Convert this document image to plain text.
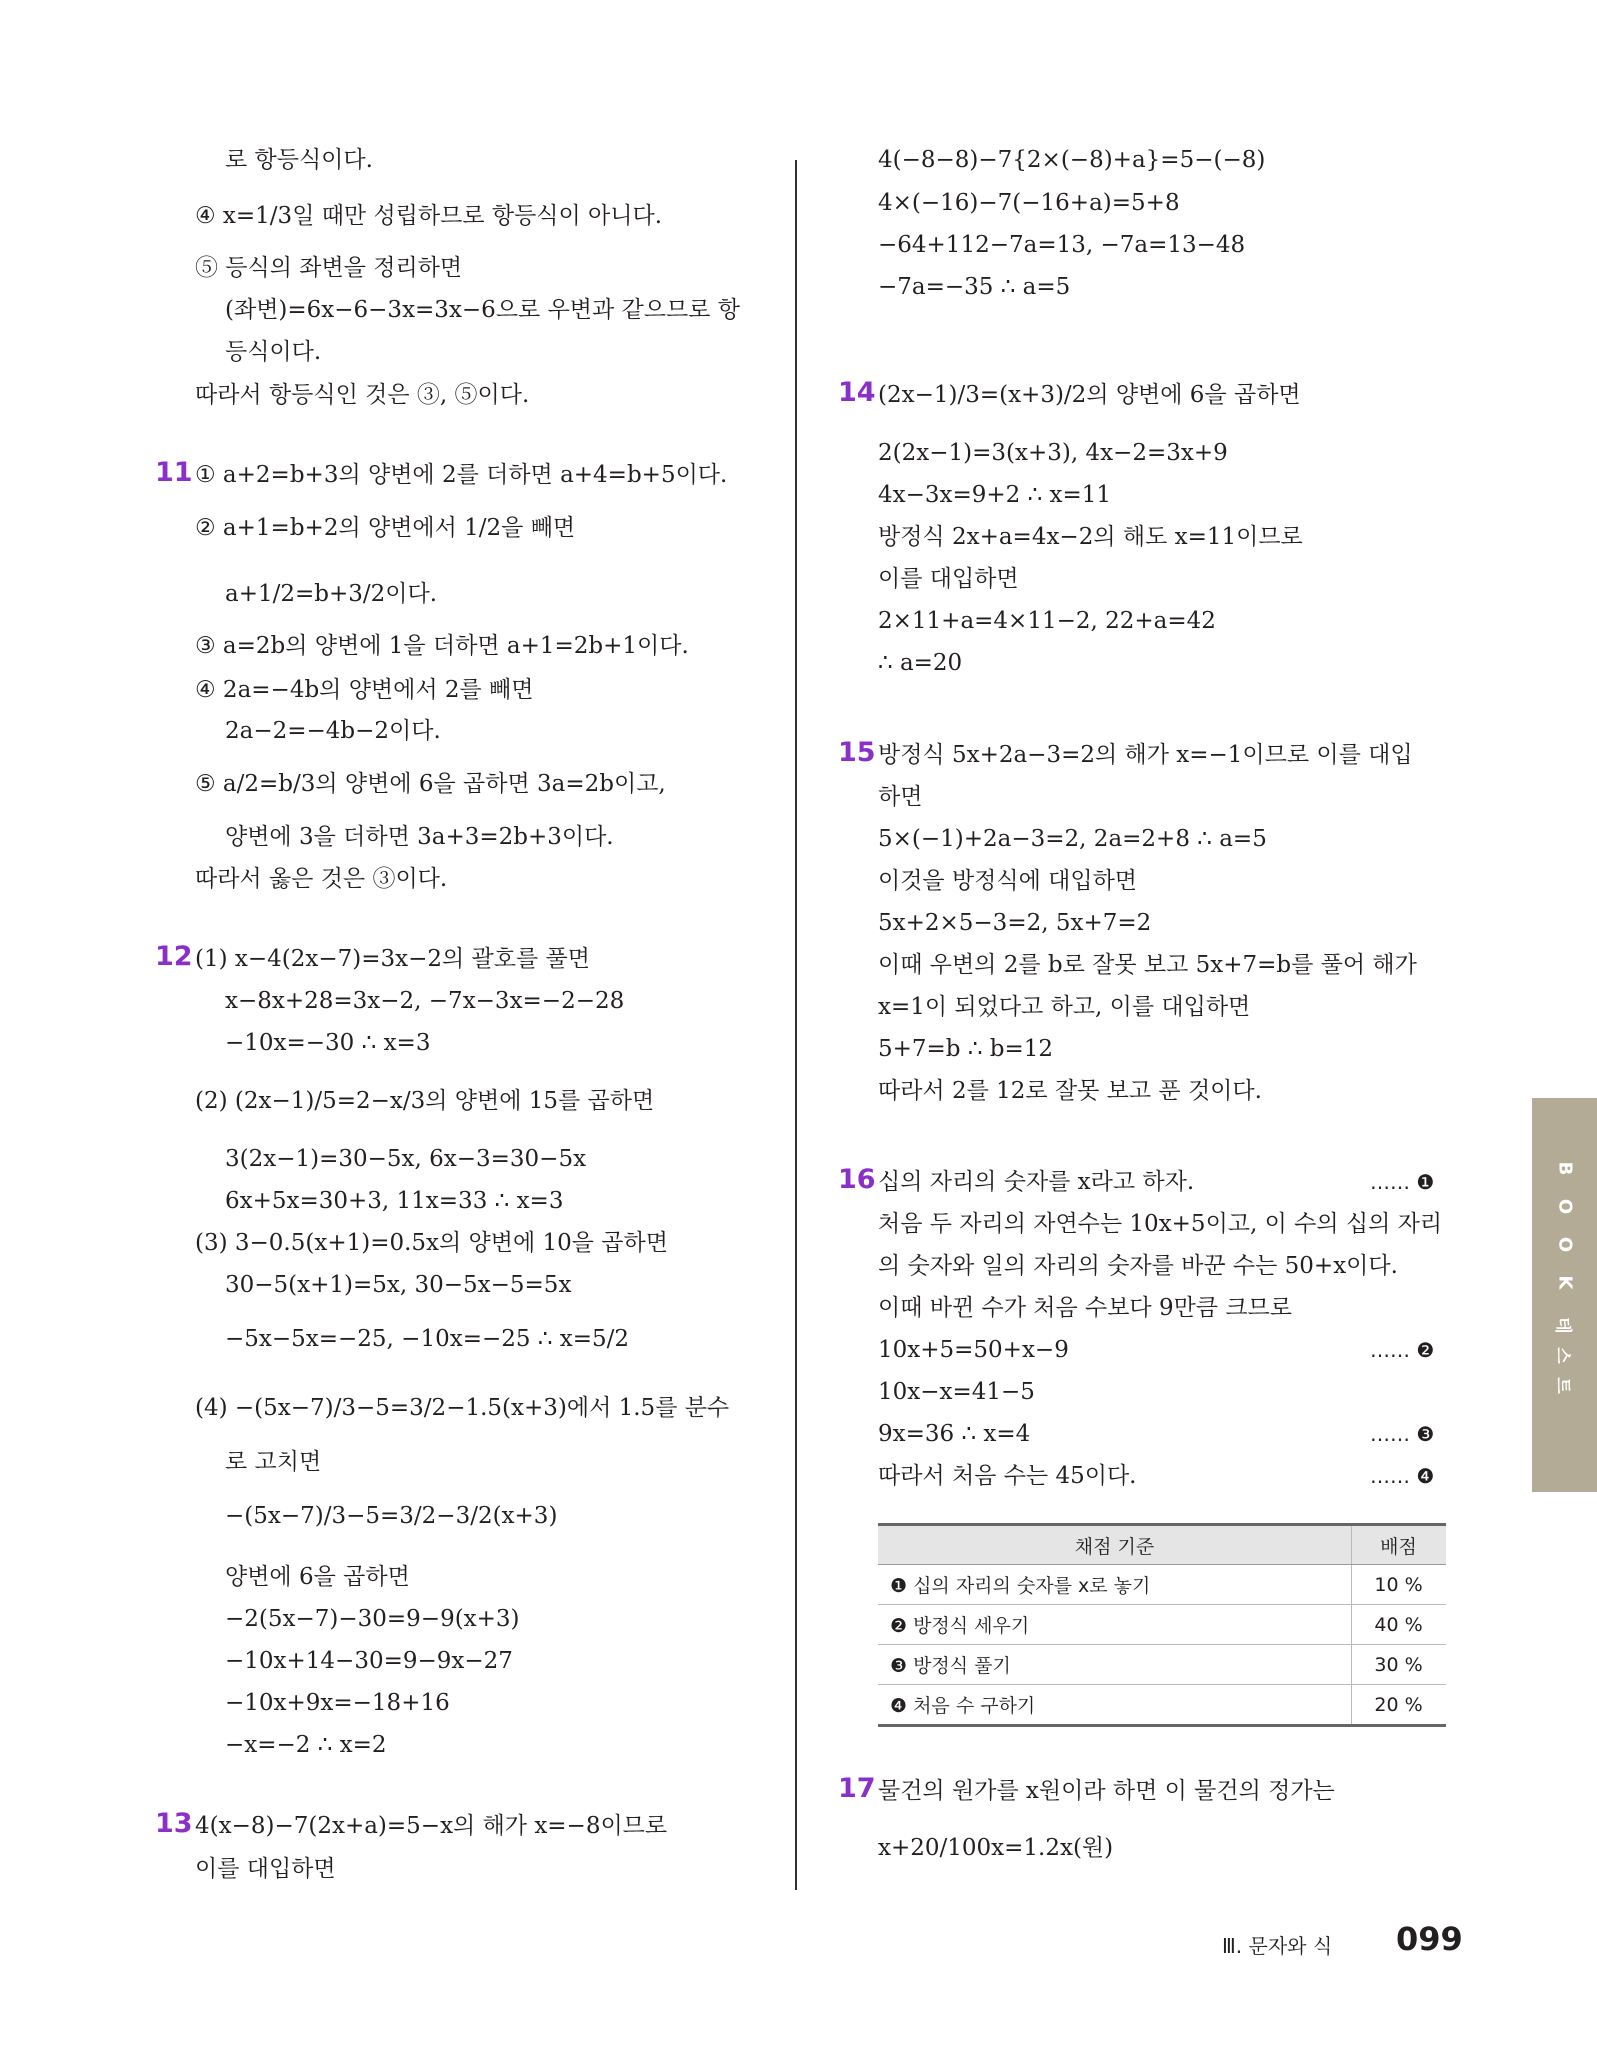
로 항등식이다.
④ x=1/3일 때만 성립하므로 항등식이 아니다.
⑤ 등식의 좌변을 정리하면
(좌변)=6x−6−3x=3x−6으로 우변과 같으므로 항
등식이다.
따라서 항등식인 것은 ③, ⑤이다.
① a+2=b+3의 양변에 2를 더하면 a+4=b+5이다.
② a+1=b+2의 양변에서 1/2을 빼면
a+1/2=b+3/2이다.
③ a=2b의 양변에 1을 더하면 a+1=2b+1이다.
④ 2a=−4b의 양변에서 2를 빼면
2a−2=−4b−2이다.
⑤ a/2=b/3의 양변에 6을 곱하면 3a=2b이고,
양변에 3을 더하면 3a+3=2b+3이다.
따라서 옳은 것은 ③이다.
(1) x−4(2x−7)=3x−2의 괄호를 풀면
x−8x+28=3x−2, −7x−3x=−2−28
−10x=−30 ∴ x=3
(2) (2x−1)/5=2−x/3의 양변에 15를 곱하면
3(2x−1)=30−5x, 6x−3=30−5x
6x+5x=30+3, 11x=33 ∴ x=3
(3) 3−0.5(x+1)=0.5x의 양변에 10을 곱하면
30−5(x+1)=5x, 30−5x−5=5x
−5x−5x=−25, −10x=−25 ∴ x=5/2
(4) −(5x−7)/3−5=3/2−1.5(x+3)에서 1.5를 분수
로 고치면
−(5x−7)/3−5=3/2−3/2(x+3)
양변에 6을 곱하면
−2(5x−7)−30=9−9(x+3)
−10x+14−30=9−9x−27
−10x+9x=−18+16
−x=−2 ∴ x=2
4(x−8)−7(2x+a)=5−x의 해가 x=−8이므로
이를 대입하면
4(−8−8)−7{2×(−8)+a}=5−(−8)
4×(−16)−7(−16+a)=5+8
−64+112−7a=13, −7a=13−48
−7a=−35 ∴ a=5
(2x−1)/3=(x+3)/2의 양변에 6을 곱하면
2(2x−1)=3(x+3), 4x−2=3x+9
4x−3x=9+2 ∴ x=11
방정식 2x+a=4x−2의 해도 x=11이므로
이를 대입하면
2×11+a=4×11−2, 22+a=42
∴ a=20
방정식 5x+2a−3=2의 해가 x=−1이므로 이를 대입
하면
5×(−1)+2a−3=2, 2a=2+8 ∴ a=5
이것을 방정식에 대입하면
5x+2×5−3=2, 5x+7=2
이때 우변의 2를 b로 잘못 보고 5x+7=b를 풀어 해가
x=1이 되었다고 하고, 이를 대입하면
5+7=b ∴ b=12
따라서 2를 12로 잘못 보고 푼 것이다.
십의 자리의 숫자를 x라고 하자.
처음 두 자리의 자연수는 10x+5이고, 이 수의 십의 자리
의 숫자와 일의 자리의 숫자를 바꾼 수는 50+x이다.
이때 바뀐 수가 처음 수보다 9만큼 크므로
10x+5=50+x−9
10x−x=41−5
9x=36 ∴ x=4
따라서 처음 수는 45이다.
물건의 원가를 x원이라 하면 이 물건의 정가는
x+20/100x=1.2x(원)
11
12
13
14
15
16
17
…… ❶
…… ❷
…… ❸
…… ❹
채점 기준	배점
❶ 십의 자리의 숫자를 x로 놓기	10 %
❷ 방정식 세우기	40 %
❸ 방정식 풀기	30 %
❹ 처음 수 구하기	20 %
B
O
O
K
테
스
트
Ⅲ. 문자와 식 099
